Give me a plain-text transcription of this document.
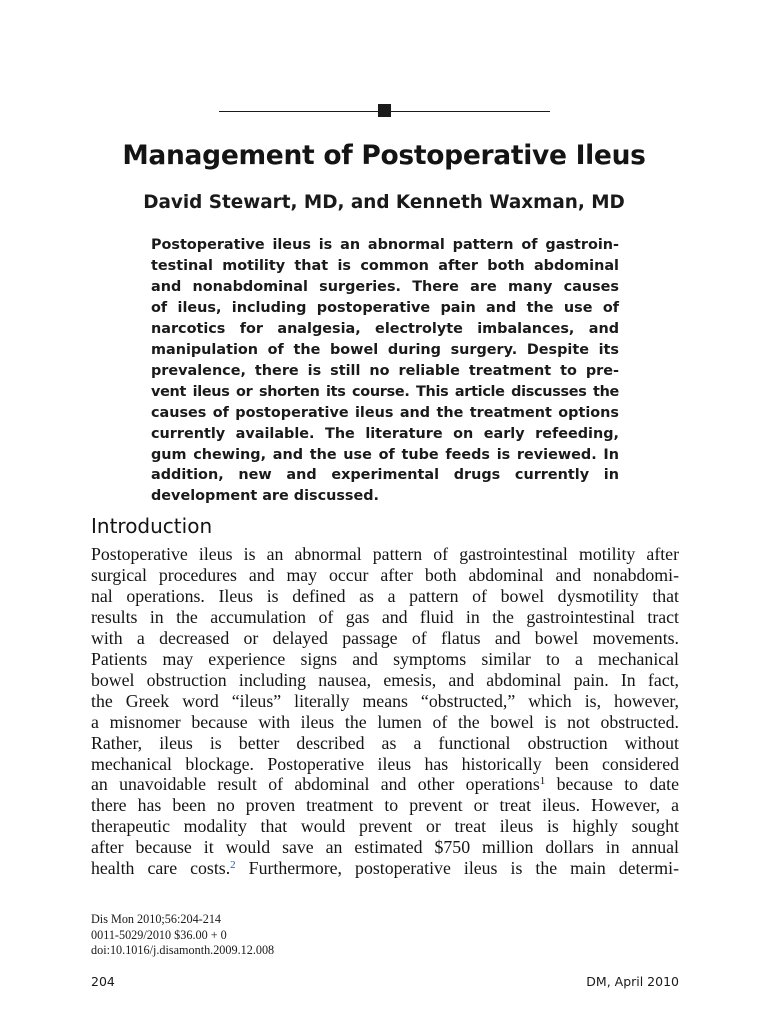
Management of Postoperative Ileus
David Stewart, MD, and Kenneth Waxman, MD
Postoperative ileus is an abnormal pattern of gastroin-
testinal motility that is common after both abdominal
and nonabdominal surgeries. There are many causes
of ileus, including postoperative pain and the use of
narcotics for analgesia, electrolyte imbalances, and
manipulation of the bowel during surgery. Despite its
prevalence, there is still no reliable treatment to pre-
vent ileus or shorten its course. This article discusses the
causes of postoperative ileus and the treatment options
currently available. The literature on early refeeding,
gum chewing, and the use of tube feeds is reviewed. In
addition, new and experimental drugs currently in
development are discussed.
Introduction
Postoperative ileus is an abnormal pattern of gastrointestinal motility after
surgical procedures and may occur after both abdominal and nonabdomi-
nal operations. Ileus is defined as a pattern of bowel dysmotility that
results in the accumulation of gas and fluid in the gastrointestinal tract
with a decreased or delayed passage of flatus and bowel movements.
Patients may experience signs and symptoms similar to a mechanical
bowel obstruction including nausea, emesis, and abdominal pain. In fact,
the Greek word “ileus” literally means “obstructed,” which is, however,
a misnomer because with ileus the lumen of the bowel is not obstructed.
Rather, ileus is better described as a functional obstruction without
mechanical blockage. Postoperative ileus has historically been considered
an unavoidable result of abdominal and other operations$^1$ because to date
there has been no proven treatment to prevent or treat ileus. However, a
therapeutic modality that would prevent or treat ileus is highly sought
after because it would save an estimated $750 million dollars in annual
health care costs.$^2$ Furthermore, postoperative ileus is the main determi-
Dis Mon 2010;56:204-214
0011-5029/2010 $36.00 + 0
doi:10.1016/j.disamonth.2009.12.008
204	DM, April 2010
